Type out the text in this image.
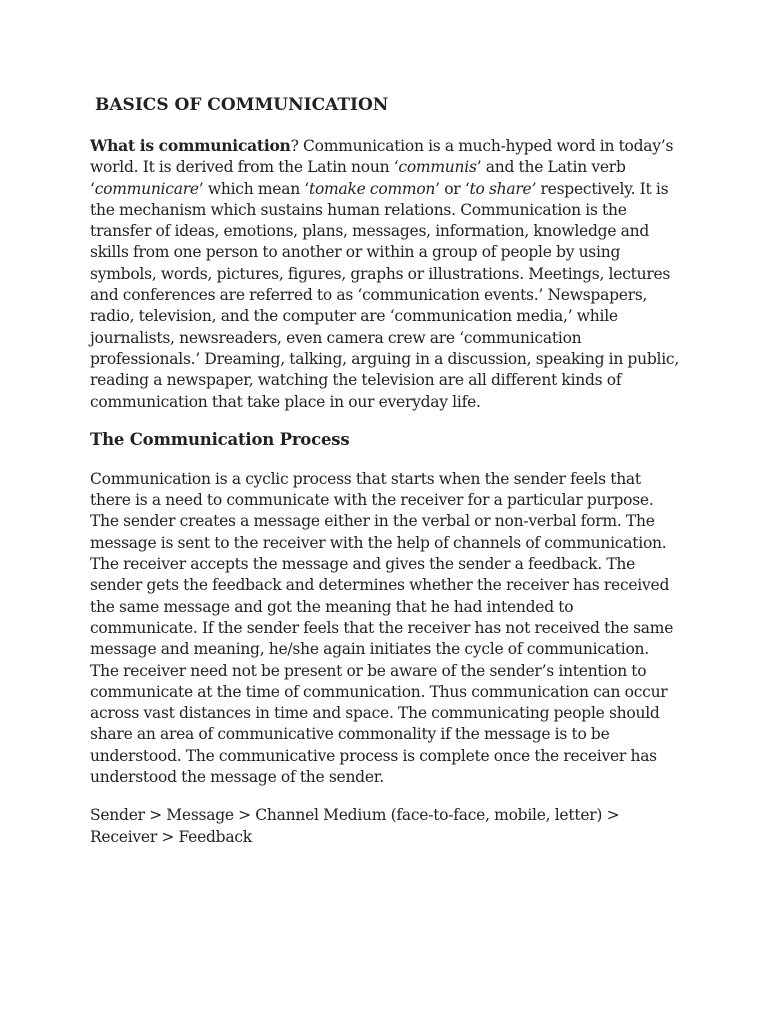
BASICS OF COMMUNICATION

What is communication? Communication is a much-hyped word in today’s world. It is derived from the Latin noun ‘communis’ and the Latin verb ‘communicare’ which mean ‘tomake common’ or ‘to share’ respectively. It is the mechanism which sustains human relations. Communication is the transfer of ideas, emotions, plans, messages, information, knowledge and skills from one person to another or within a group of people by using symbols, words, pictures, figures, graphs or illustrations. Meetings, lectures and conferences are referred to as ‘communication events.’ Newspapers, radio, television, and the computer are ‘communication media,’ while journalists, newsreaders, even camera crew are ‘communication professionals.’ Dreaming, talking, arguing in a discussion, speaking in public, reading a newspaper, watching the television are all different kinds of communication that take place in our everyday life.

The Communication Process

Communication is a cyclic process that starts when the sender feels that there is a need to communicate with the receiver for a particular purpose. The sender creates a message either in the verbal or non-verbal form. The message is sent to the receiver with the help of channels of communication. The receiver accepts the message and gives the sender a feedback. The sender gets the feedback and determines whether the receiver has received the same message and got the meaning that he had intended to communicate. If the sender feels that the receiver has not received the same message and meaning, he/she again initiates the cycle of communication. The receiver need not be present or be aware of the sender’s intention to communicate at the time of communication. Thus communication can occur across vast distances in time and space. The communicating people should share an area of communicative commonality if the message is to be understood. The communicative process is complete once the receiver has understood the message of the sender.

Sender > Message > Channel Medium (face-to-face, mobile, letter) > Receiver > Feedback
